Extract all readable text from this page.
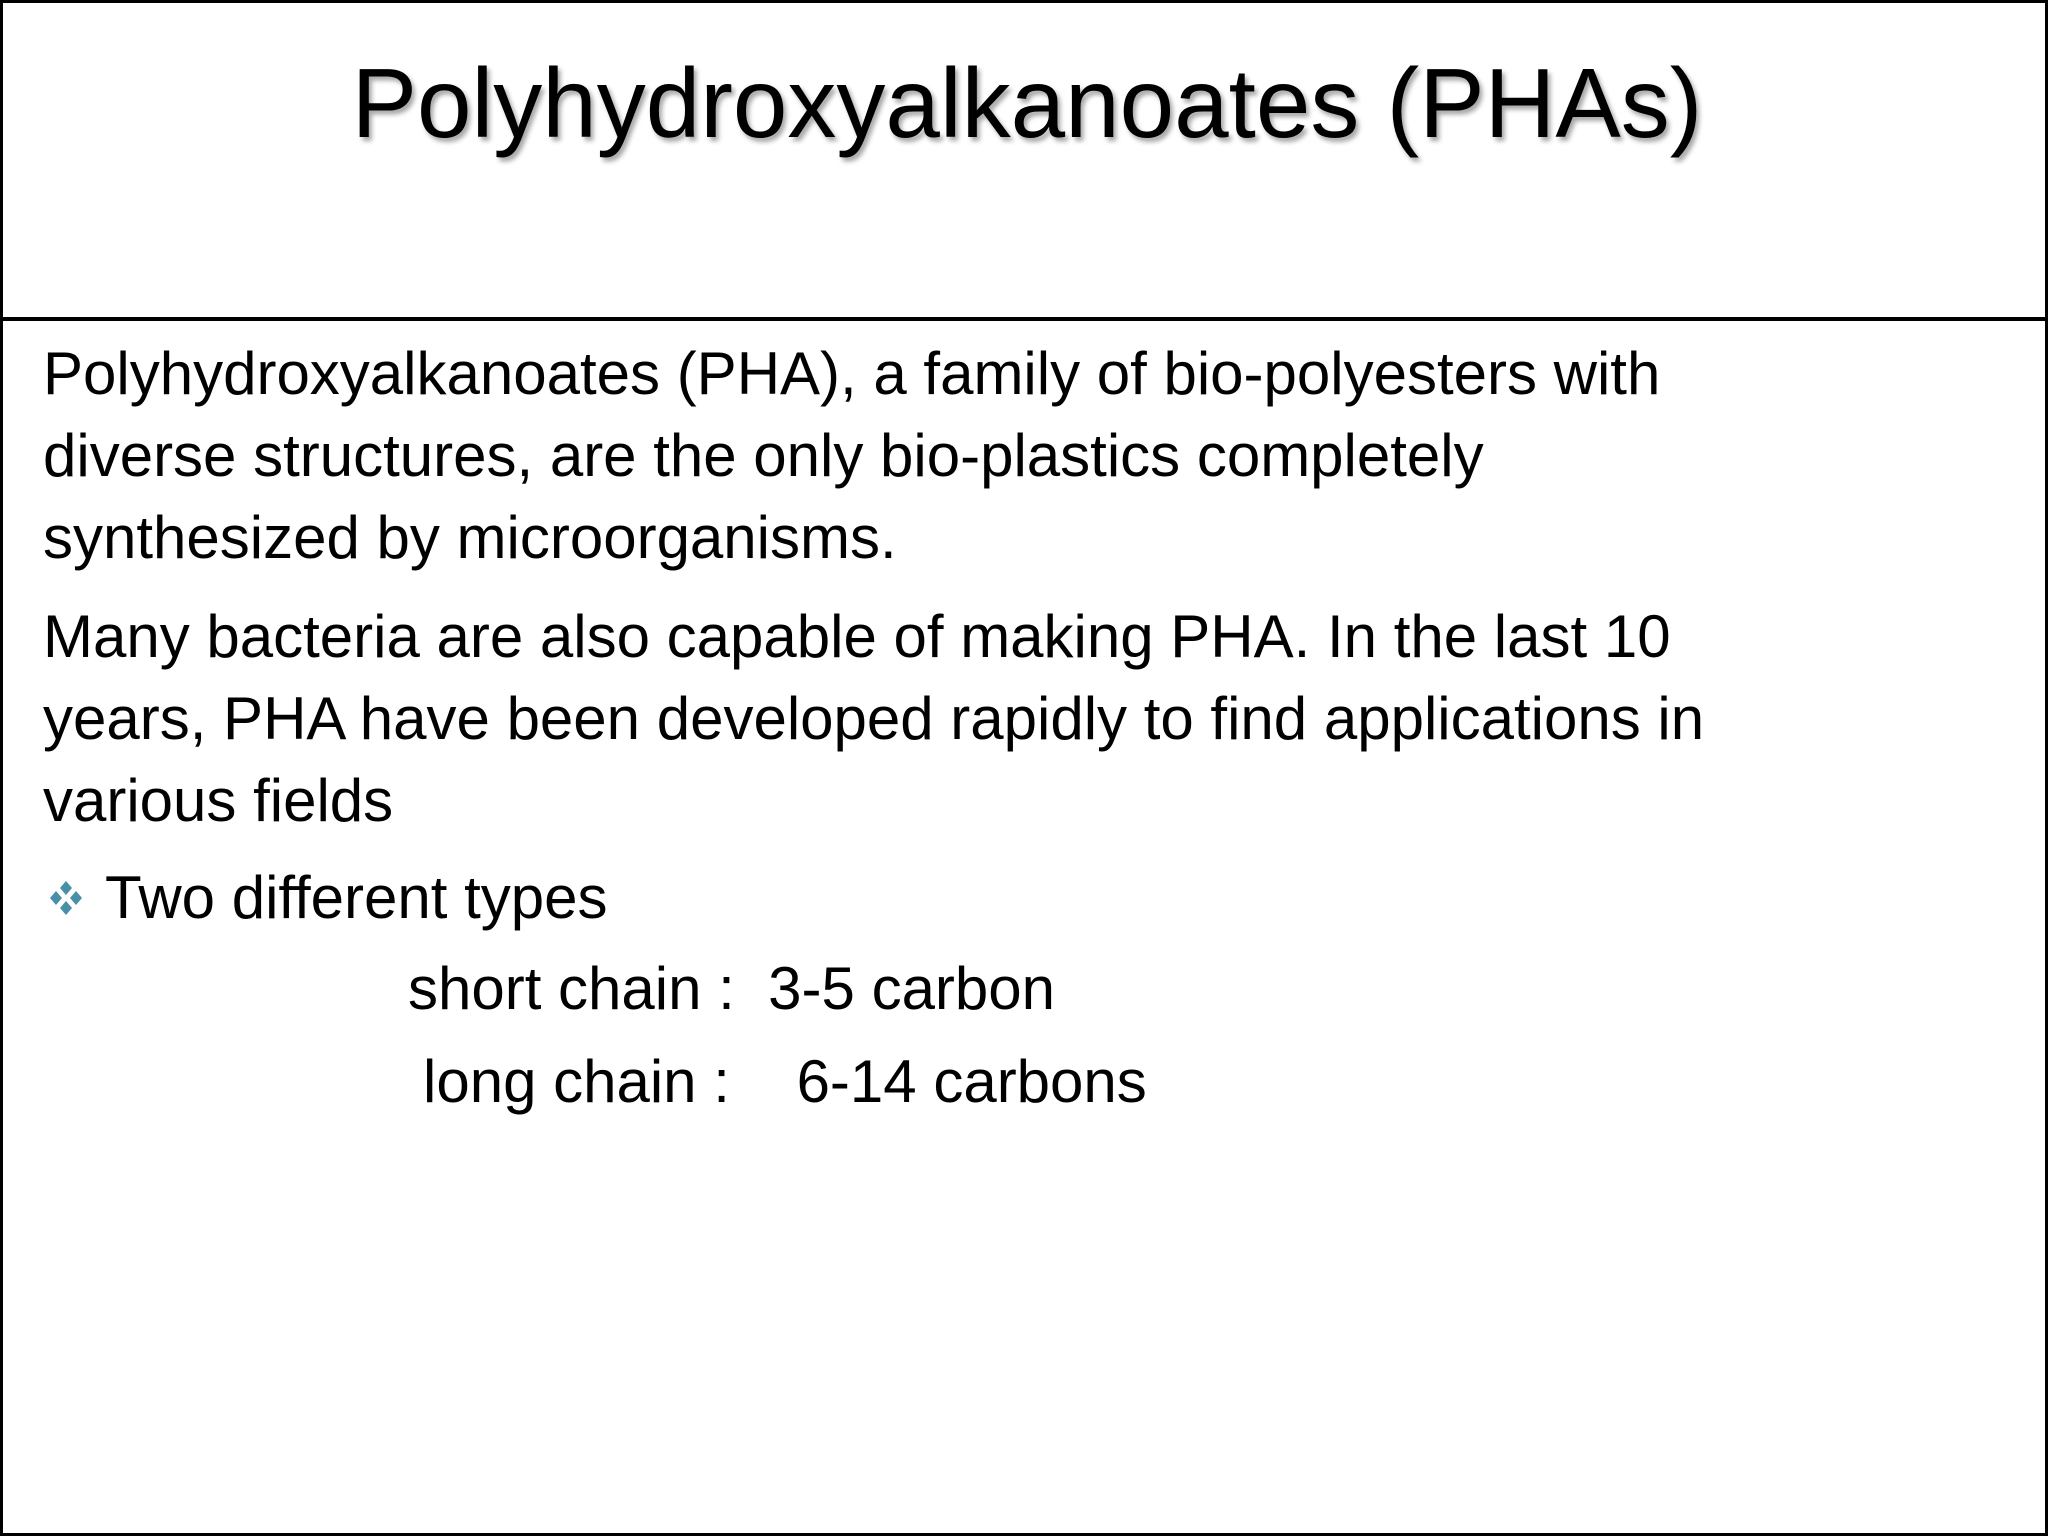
Polyhydroxyalkanoates (PHAs)

Polyhydroxyalkanoates (PHA), a family of bio-polyesters with
diverse structures, are the only bio-plastics completely
synthesized by microorganisms.

Many bacteria are also capable of making PHA. In the last 10
years, PHA have been developed rapidly to find applications in
various fields

Two different types
short chain :  3-5 carbon
long chain :    6-14 carbons
